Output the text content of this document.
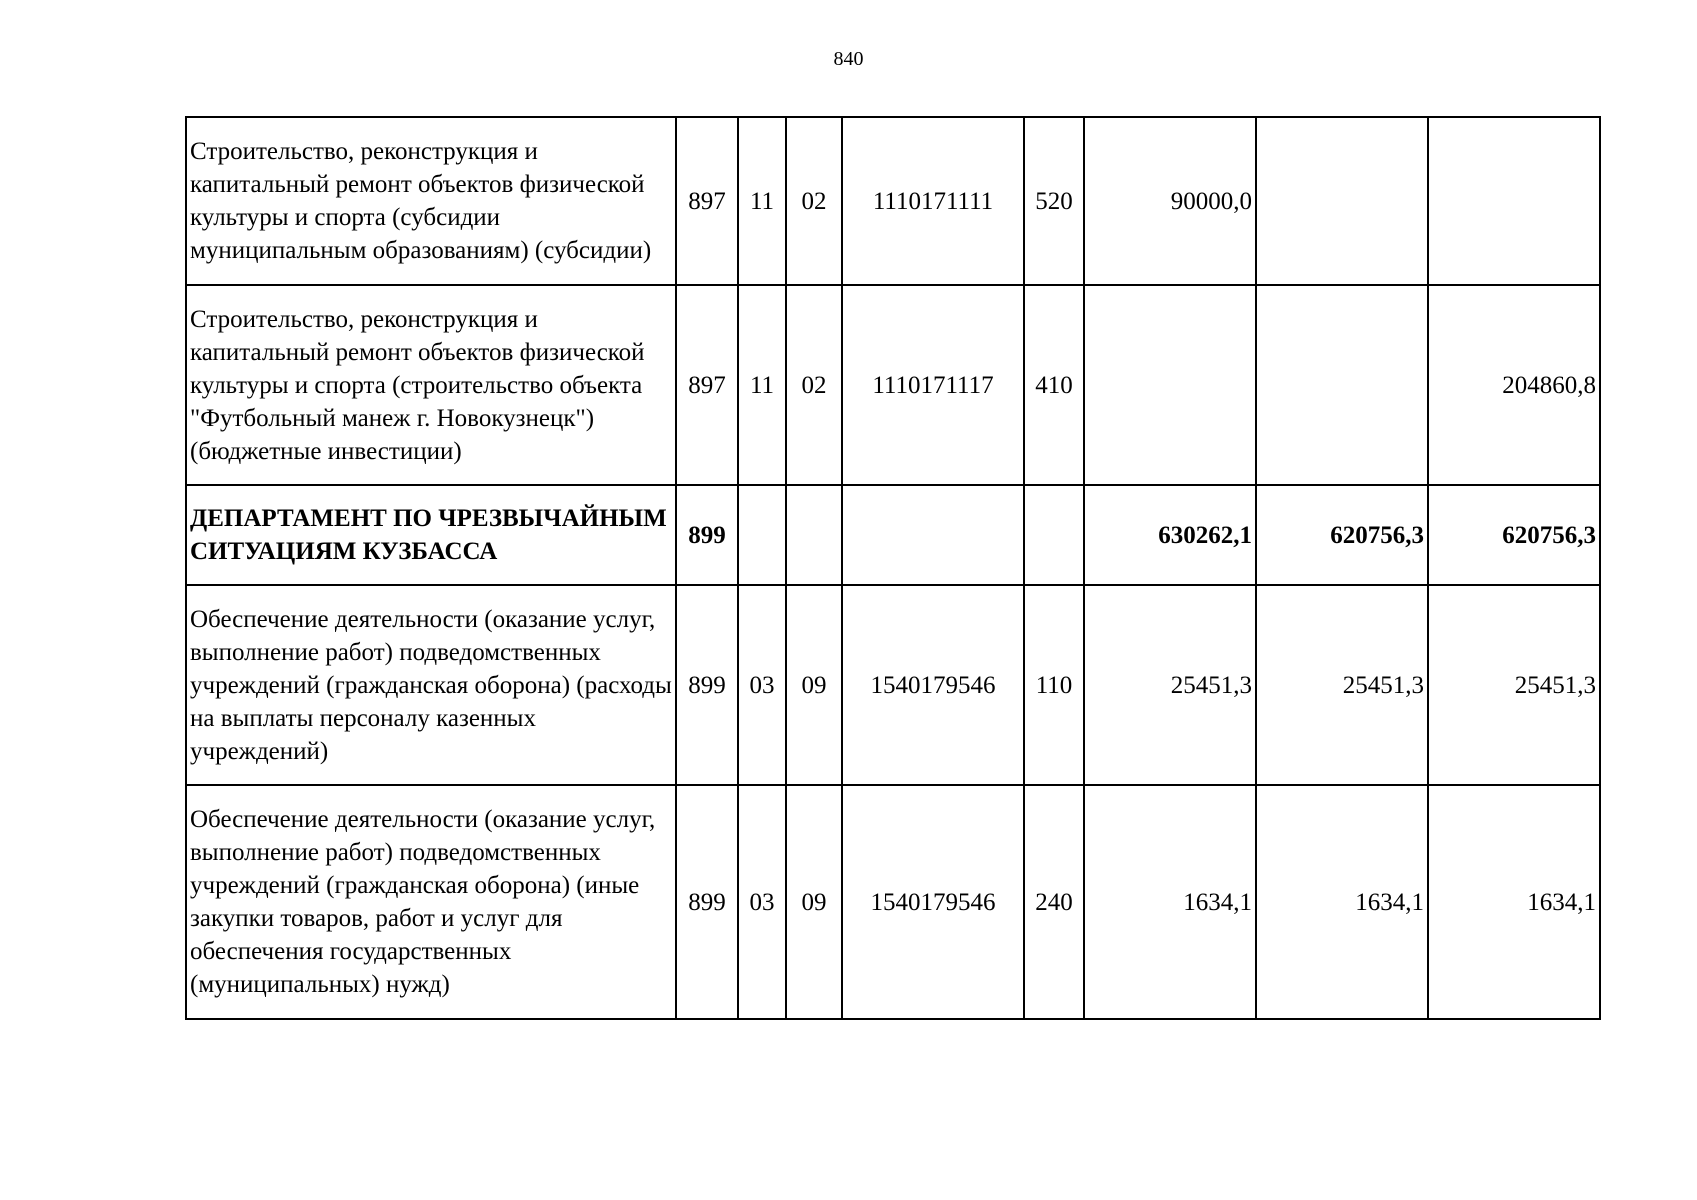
840
Строительство, реконструкция и капитальный ремонт объектов физической культуры и спорта (субсидии муниципальным образованиям) (субсидии)	897	11	02	1110171111	520	90000,0		
Строительство, реконструкция и капитальный ремонт объектов физической культуры и спорта (строительство объекта "Футбольный манеж г. Новокузнецк") (бюджетные инвестиции)	897	11	02	1110171117	410			204860,8
ДЕПАРТАМЕНТ ПО ЧРЕЗВЫЧАЙНЫМ СИТУАЦИЯМ КУЗБАССА	899					630262,1	620756,3	620756,3
Обеспечение деятельности (оказание услуг, выполнение работ) подведомственных учреждений (гражданская оборона) (расходы на выплаты персоналу казенных учреждений)	899	03	09	1540179546	110	25451,3	25451,3	25451,3
Обеспечение деятельности (оказание услуг, выполнение работ) подведомственных учреждений (гражданская оборона) (иные закупки товаров, работ и услуг для обеспечения государственных (муниципальных) нужд)	899	03	09	1540179546	240	1634,1	1634,1	1634,1
